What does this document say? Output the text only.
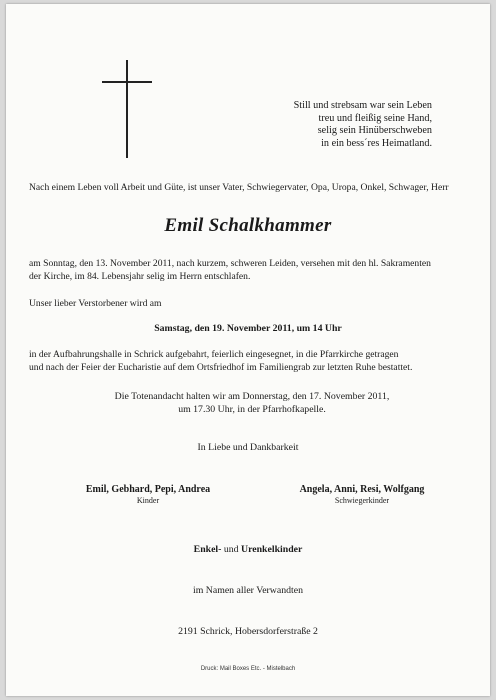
Still und strebsam war sein Leben
treu und fleißig seine Hand,
selig sein Hinüberschweben
in ein bess´res Heimatland.
Nach einem Leben voll Arbeit und Güte, ist unser Vater, Schwiegervater, Opa, Uropa, Onkel, Schwager, Herr
Emil Schalkhammer
am Sonntag, den 13. November 2011, nach kurzem, schweren Leiden, versehen mit den hl. Sakramenten
der Kirche, im 84. Lebensjahr selig im Herrn entschlafen.
Unser lieber Verstorbener wird am
Samstag, den 19. November 2011, um 14 Uhr
in der Aufbahrungshalle in Schrick aufgebahrt, feierlich eingesegnet, in die Pfarrkirche getragen
und nach der Feier der Eucharistie auf dem Ortsfriedhof im Familiengrab zur letzten Ruhe bestattet.
Die Totenandacht halten wir am Donnerstag, den 17. November 2011,
um 17.30 Uhr, in der Pfarrhofkapelle.
In Liebe und Dankbarkeit
Emil, Gebhard, Pepi, Andrea
Kinder
Angela, Anni, Resi, Wolfgang
Schwiegerkinder
Enkel- und Urenkelkinder
im Namen aller Verwandten
2191 Schrick, Hobersdorferstraße 2
Druck: Mail Boxes Etc. - Mistelbach
